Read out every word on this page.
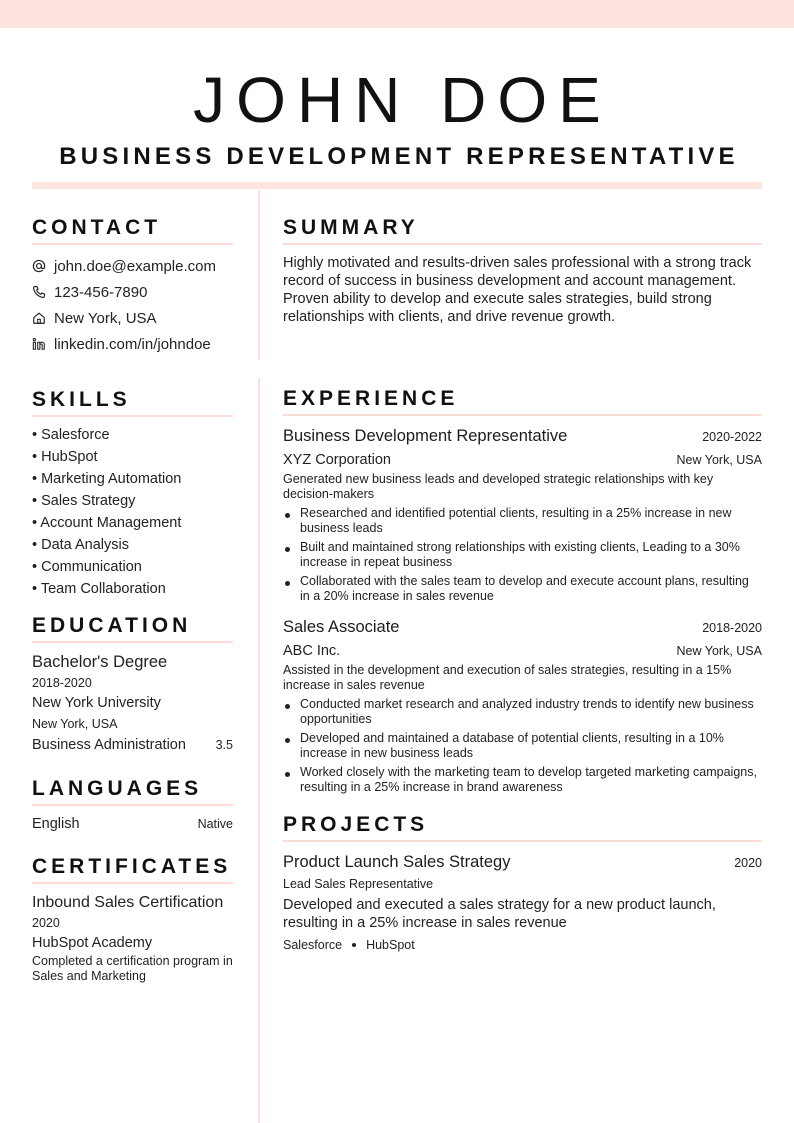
JOHN DOE
BUSINESS DEVELOPMENT REPRESENTATIVE
CONTACT
john.doe@example.com
123-456-7890
New York, USA
linkedin.com/in/johndoe
SKILLS
• Salesforce
• HubSpot
• Marketing Automation
• Sales Strategy
• Account Management
• Data Analysis
• Communication
• Team Collaboration
EDUCATION
Bachelor's Degree
2018-2020
New York University
New York, USA
Business Administration 3.5
LANGUAGES
English	Native
CERTIFICATES
Inbound Sales Certification
2020
HubSpot Academy
Completed a certification program in Sales and Marketing
SUMMARY

Highly motivated and results-driven sales professional with a strong track record of success in business development and account management. Proven ability to develop and execute sales strategies, build strong relationships with clients, and drive revenue growth.

EXPERIENCE
Business Development Representative	2020-2022
XYZ Corporation	New York, USA
Generated new business leads and developed strategic relationships with key decision-makers
Researched and identified potential clients, resulting in a 25% increase in new business leads
Built and maintained strong relationships with existing clients, Leading to a 30% increase in repeat business
Collaborated with the sales team to develop and execute account plans, resulting in a 20% increase in sales revenue
Sales Associate	2018-2020
ABC Inc.	New York, USA
Assisted in the development and execution of sales strategies, resulting in a 15% increase in sales revenue
Conducted market research and analyzed industry trends to identify new business opportunities
Developed and maintained a database of potential clients, resulting in a 10% increase in new business leads
Worked closely with the marketing team to develop targeted marketing campaigns, resulting in a 25% increase in brand awareness
PROJECTS
Product Launch Sales Strategy	2020
Lead Sales Representative
Developed and executed a sales strategy for a new product launch, resulting in a 25% increase in sales revenue
Salesforce HubSpot
